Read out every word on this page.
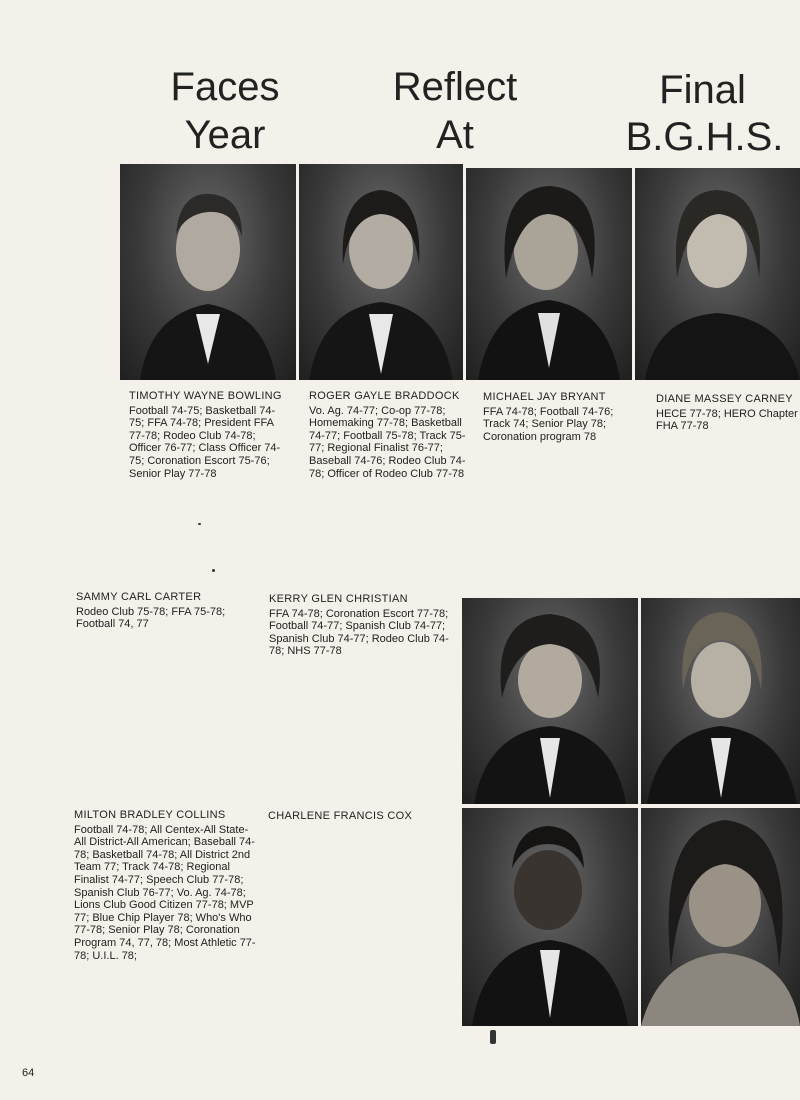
Faces
Year
Reflect
At
Final
B.G.H.S.
TIMOTHY WAYNE BOWLING
Football 74-75; Basketball 74-75; FFA 74-78; President FFA 77-78; Rodeo Club 74-78; Officer 76-77; Class Officer 74-75; Coronation Escort 75-76; Senior Play 77-78
ROGER GAYLE BRADDOCK
Vo. Ag. 74-77; Co-op 77-78; Homemaking 77-78; Basketball 74-77; Football 75-78; Track 75-77; Regional Finalist 76-77; Baseball 74-76; Rodeo Club 74-78; Officer of Rodeo Club 77-78
MICHAEL JAY BRYANT
FFA 74-78; Football 74-76; Track 74; Senior Play 78; Coronation program 78
DIANE MASSEY CARNEY
HECE 77-78; HERO Chapter FHA 77-78
SAMMY CARL CARTER
Rodeo Club 75-78; FFA 75-78; Football 74, 77
KERRY GLEN CHRISTIAN
FFA 74-78; Coronation Escort 77-78; Football 74-77; Spanish Club 74-77; Spanish Club 74-77; Rodeo Club 74-78; NHS 77-78
MILTON BRADLEY COLLINS
Football 74-78; All Centex-All State-All District-All American; Baseball 74-78; Basketball 74-78; All District 2nd Team 77; Track 74-78; Regional Finalist 74-77; Speech Club 77-78; Spanish Club 76-77; Vo. Ag. 74-78; Lions Club Good Citizen 77-78; MVP 77; Blue Chip Player 78; Who's Who 77-78; Senior Play 78; Coronation Program 74, 77, 78; Most Athletic 77-78; U.I.L. 78;
CHARLENE FRANCIS COX
64
